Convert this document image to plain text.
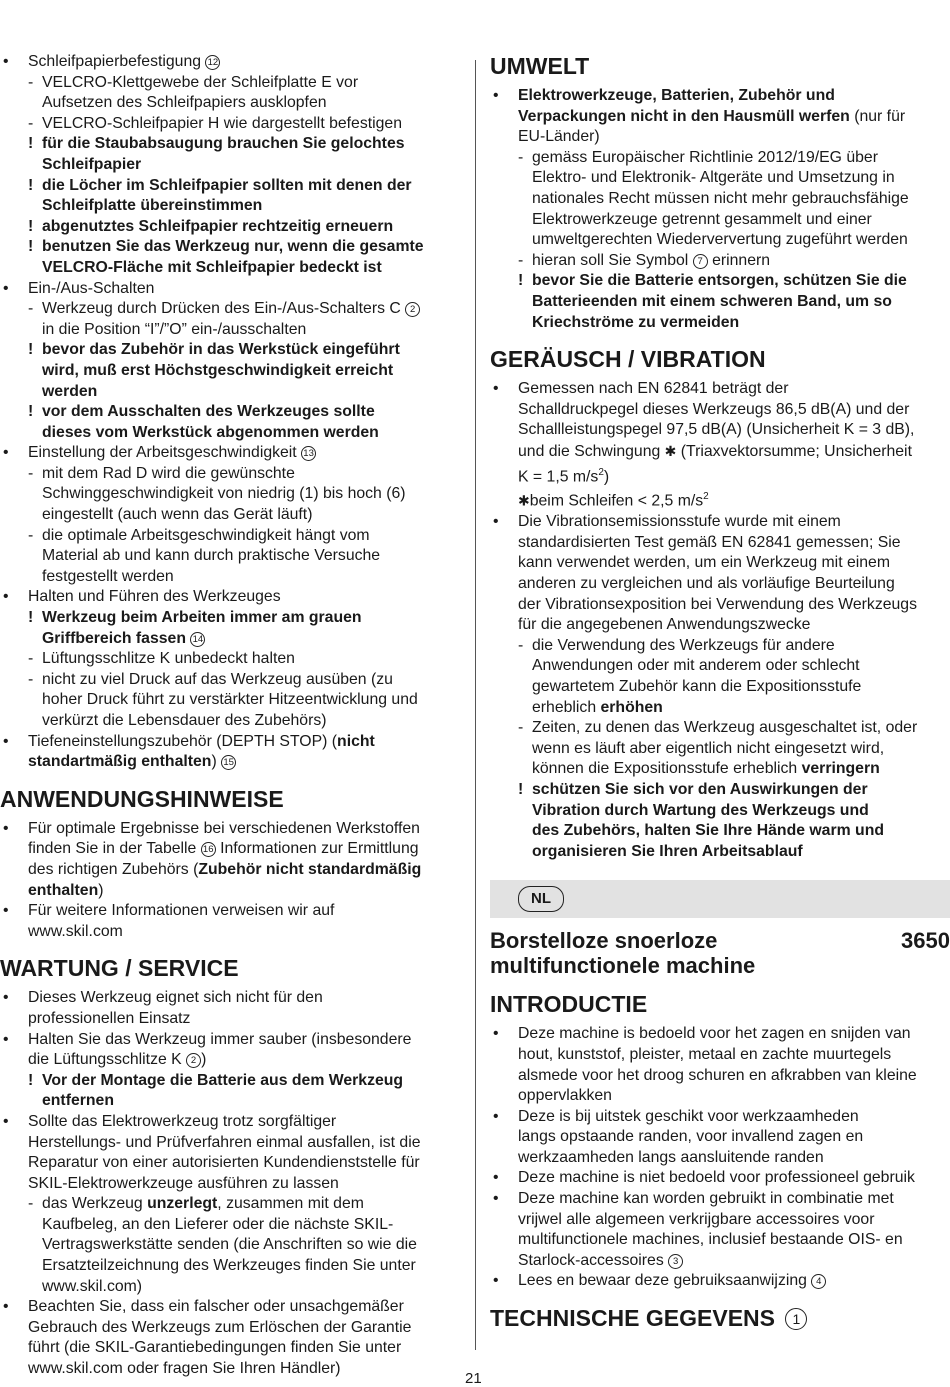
• Schleifpapierbefestigung 12
- VELCRO-Klettgewebe der Schleifplatte E vor
Aufsetzen des Schleifpapiers ausklopfen
- VELCRO-Schleifpapier H wie dargestellt befestigen
! für die Staubabsaugung brauchen Sie gelochtes
Schleifpapier
! die Löcher im Schleifpapier sollten mit denen der
Schleifplatte übereinstimmen
! abgenutztes Schleifpapier rechtzeitig erneuern
! benutzen Sie das Werkzeug nur, wenn die gesamte
VELCRO-Fläche mit Schleifpapier bedeckt ist
• Ein-/Aus-Schalten
- Werkzeug durch Drücken des Ein-/Aus-Schalters C 2
in die Position “I”/”O” ein-/ausschalten
! bevor das Zubehör in das Werkstück eingeführt
wird, muß erst Höchstgeschwindigkeit erreicht
werden
! vor dem Ausschalten des Werkzeuges sollte
dieses vom Werkstück abgenommen werden
• Einstellung der Arbeitsgeschwindigkeit 13
- mit dem Rad D wird die gewünschte
Schwinggeschwindigkeit von niedrig (1) bis hoch (6)
eingestellt (auch wenn das Gerät läuft)
- die optimale Arbeitsgeschwindigkeit hängt vom
Material ab und kann durch praktische Versuche
festgestellt werden
• Halten und Führen des Werkzeuges
! Werkzeug beim Arbeiten immer am grauen
Griffbereich fassen 14
- Lüftungsschlitze K unbedeckt halten
- nicht zu viel Druck auf das Werkzeug ausüben (zu
hoher Druck führt zu verstärkter Hitzeentwicklung und
verkürzt die Lebensdauer des Zubehörs)
• Tiefeneinstellungszubehör (DEPTH STOP) (nicht
standartmäßig enthalten) 15
ANWENDUNGSHINWEISE
• Für optimale Ergebnisse bei verschiedenen Werkstoffen
finden Sie in der Tabelle 16 Informationen zur Ermittlung
des richtigen Zubehörs (Zubehör nicht standardmäßig
enthalten)
• Für weitere Informationen verweisen wir auf
www.skil.com
WARTUNG / SERVICE
• Dieses Werkzeug eignet sich nicht für den
professionellen Einsatz
• Halten Sie das Werkzeug immer sauber (insbesondere
die Lüftungsschlitze K 2 )
! Vor der Montage die Batterie aus dem Werkzeug
entfernen
• Sollte das Elektrowerkzeug trotz sorgfältiger
Herstellungs- und Prüfverfahren einmal ausfallen, ist die
Reparatur von einer autorisierten Kundendienststelle für
SKIL-Elektrowerkzeuge ausführen zu lassen
- das Werkzeug unzerlegt, zusammen mit dem
Kaufbeleg, an den Lieferer oder die nächste SKIL-
Vertragswerkstätte senden (die Anschriften so wie die
Ersatzteilzeichnung des Werkzeuges finden Sie unter
www.skil.com)
• Beachten Sie, dass ein falscher oder unsachgemäßer
Gebrauch des Werkzeugs zum Erlöschen der Garantie
führt (die SKIL-Garantiebedingungen finden Sie unter
www.skil.com oder fragen Sie Ihren Händler)
UMWELT
• Elektrowerkzeuge, Batterien, Zubehör und
Verpackungen nicht in den Hausmüll werfen (nur für
EU-Länder)
- gemäss Europäischer Richtlinie 2012/19/EG über
Elektro- und Elektronik- Altgeräte und Umsetzung in
nationales Recht müssen nicht mehr gebrauchsfähige
Elektrowerkzeuge getrennt gesammelt und einer
umweltgerechten Wiederververtung zugeführt werden
- hieran soll Sie Symbol 7 erinnern
! bevor Sie die Batterie entsorgen, schützen Sie die
Batterieenden mit einem schweren Band, um so
Kriechströme zu vermeiden
GERÄUSCH / VIBRATION
• Gemessen nach EN 62841 beträgt der
Schalldruckpegel dieses Werkzeugs 86,5 dB(A) und der
Schallleistungspegel 97,5 dB(A) (Unsicherheit K = 3 dB),
und die Schwingung ✱ (Triaxvektorsumme; Unsicherheit
K = 1,5 $m/s^2$)
✱beim Schleifen < 2,5 $m/s^2$
• Die Vibrationsemissionsstufe wurde mit einem
standardisierten Test gemäß EN 62841 gemessen; Sie
kann verwendet werden, um ein Werkzeug mit einem
anderen zu vergleichen und als vorläufige Beurteilung
der Vibrationsexposition bei Verwendung des Werkzeugs
für die angegebenen Anwendungszwecke
- die Verwendung des Werkzeugs für andere
Anwendungen oder mit anderem oder schlecht
gewartetem Zubehör kann die Expositionsstufe
erheblich erhöhen
- Zeiten, zu denen das Werkzeug ausgeschaltet ist, oder
wenn es läuft aber eigentlich nicht eingesetzt wird,
können die Expositionsstufe erheblich verringern
! schützen Sie sich vor den Auswirkungen der
Vibration durch Wartung des Werkzeugs und
des Zubehörs, halten Sie Ihre Hände warm und
organisieren Sie Ihren Arbeitsablauf
NL
Borstelloze snoerloze
multifunctionele machine
3650
INTRODUCTIE
• Deze machine is bedoeld voor het zagen en snijden van
hout, kunststof, pleister, metaal en zachte muurtegels
alsmede voor het droog schuren en afkrabben van kleine
oppervlakken
• Deze is bij uitstek geschikt voor werkzaamheden
langs opstaande randen, voor invallend zagen en
werkzaamheden langs aansluitende randen
• Deze machine is niet bedoeld voor professioneel gebruik
• Deze machine kan worden gebruikt in combinatie met
vrijwel alle algemeen verkrijgbare accessoires voor
multifunctionele machines, inclusief bestaande OIS- en
Starlock-accessoires 3
• Lees en bewaar deze gebruiksaanwijzing 4
TECHNISCHE GEGEVENS 1
21
